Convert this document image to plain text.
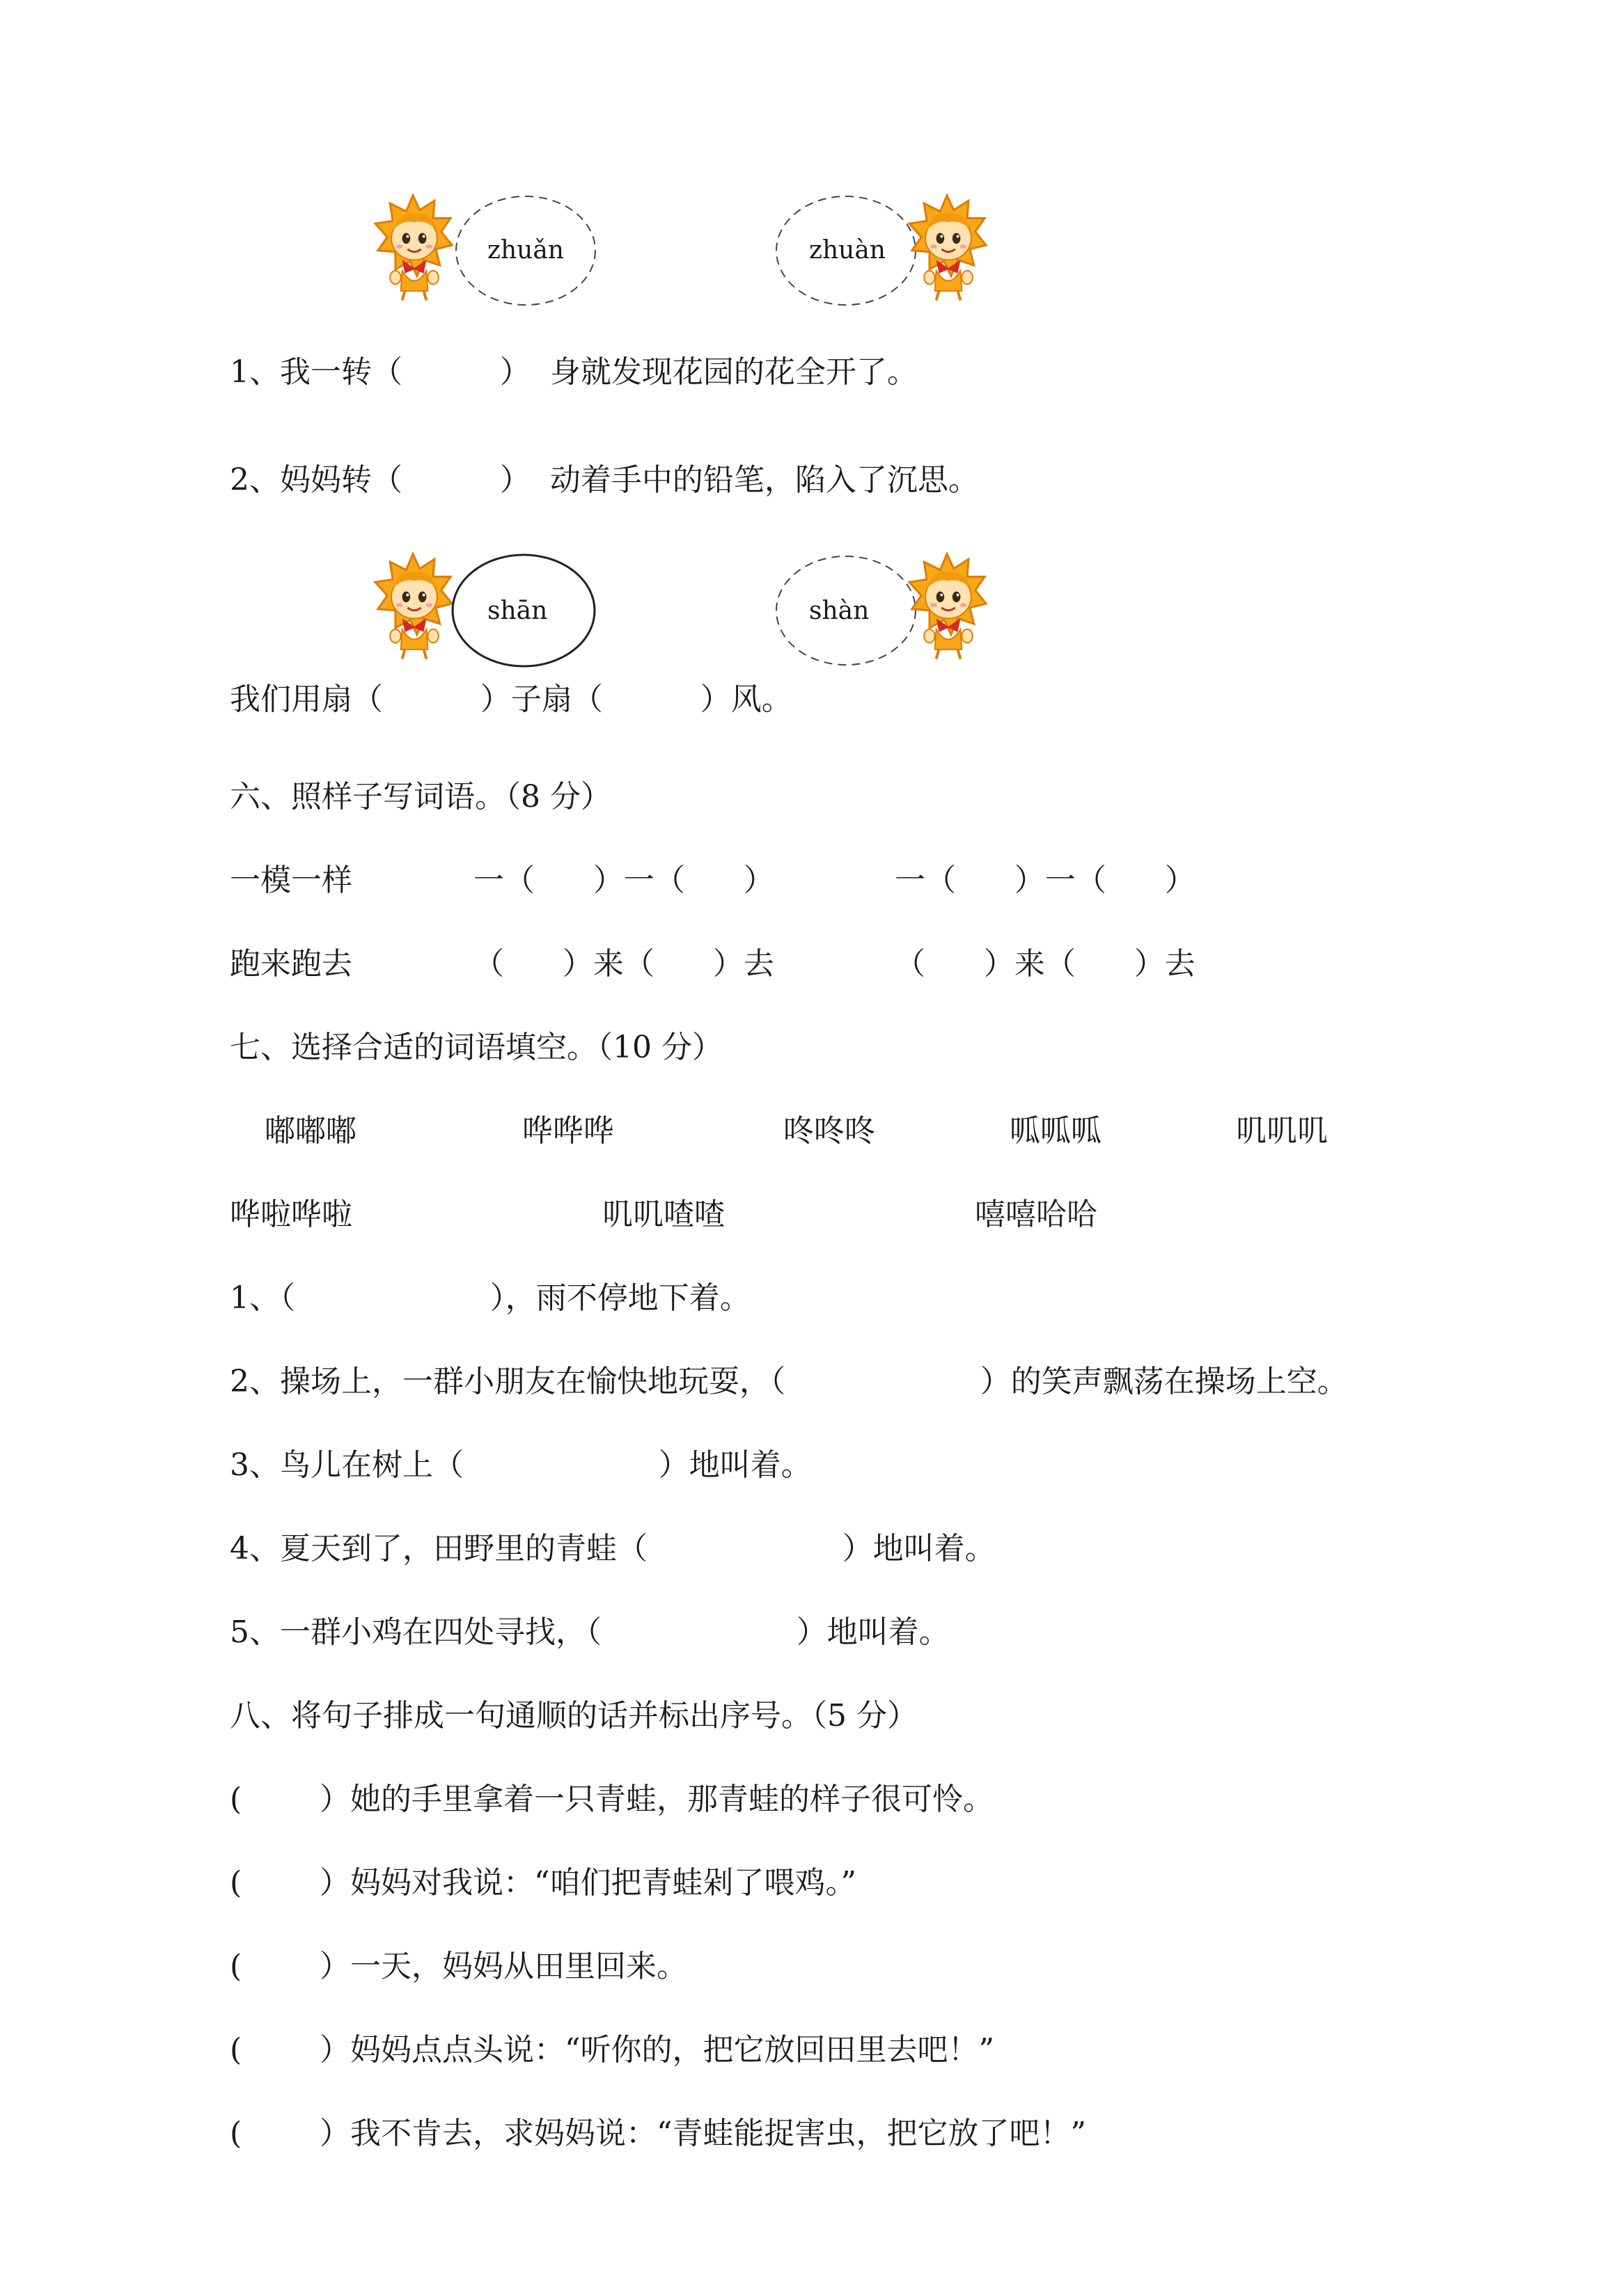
zhuǎn	zhuàn
1、我一转（          ）  身就发现花园的花全开了。
2、妈妈转（          ）  动着手中的铅笔，陷入了沉思。
shān	shàn
我们用扇（          ）子扇（          ）风。
六、照样子写词语。（8 分）
一模一样	一（      ）一（      ）	一（      ）一（      ）
跑来跑去	（      ）来（      ）去	（      ）来（      ）去
七、选择合适的词语填空。（10 分）
嘟嘟嘟	哗哗哗	咚咚咚	呱呱呱	叽叽叽
哗啦哗啦	叽叽喳喳	嘻嘻哈哈
1、（                    ），雨不停地下着。
2、操场上，一群小朋友在愉快地玩耍，（                    ）的笑声飘荡在操场上空。
3、鸟儿在树上（                    ）地叫着。
4、夏天到了，田野里的青蛙（                    ）地叫着。
5、一群小鸡在四处寻找，（                    ）地叫着。
八、将句子排成一句通顺的话并标出序号。（5 分）
(        ）她的手里拿着一只青蛙，那青蛙的样子很可怜。
(        ）妈妈对我说：“咱们把青蛙剁了喂鸡。”
(        ）一天，妈妈从田里回来。
(        ）妈妈点点头说：“听你的，把它放回田里去吧！”
(        ）我不肯去，求妈妈说：“青蛙能捉害虫，把它放了吧！”
